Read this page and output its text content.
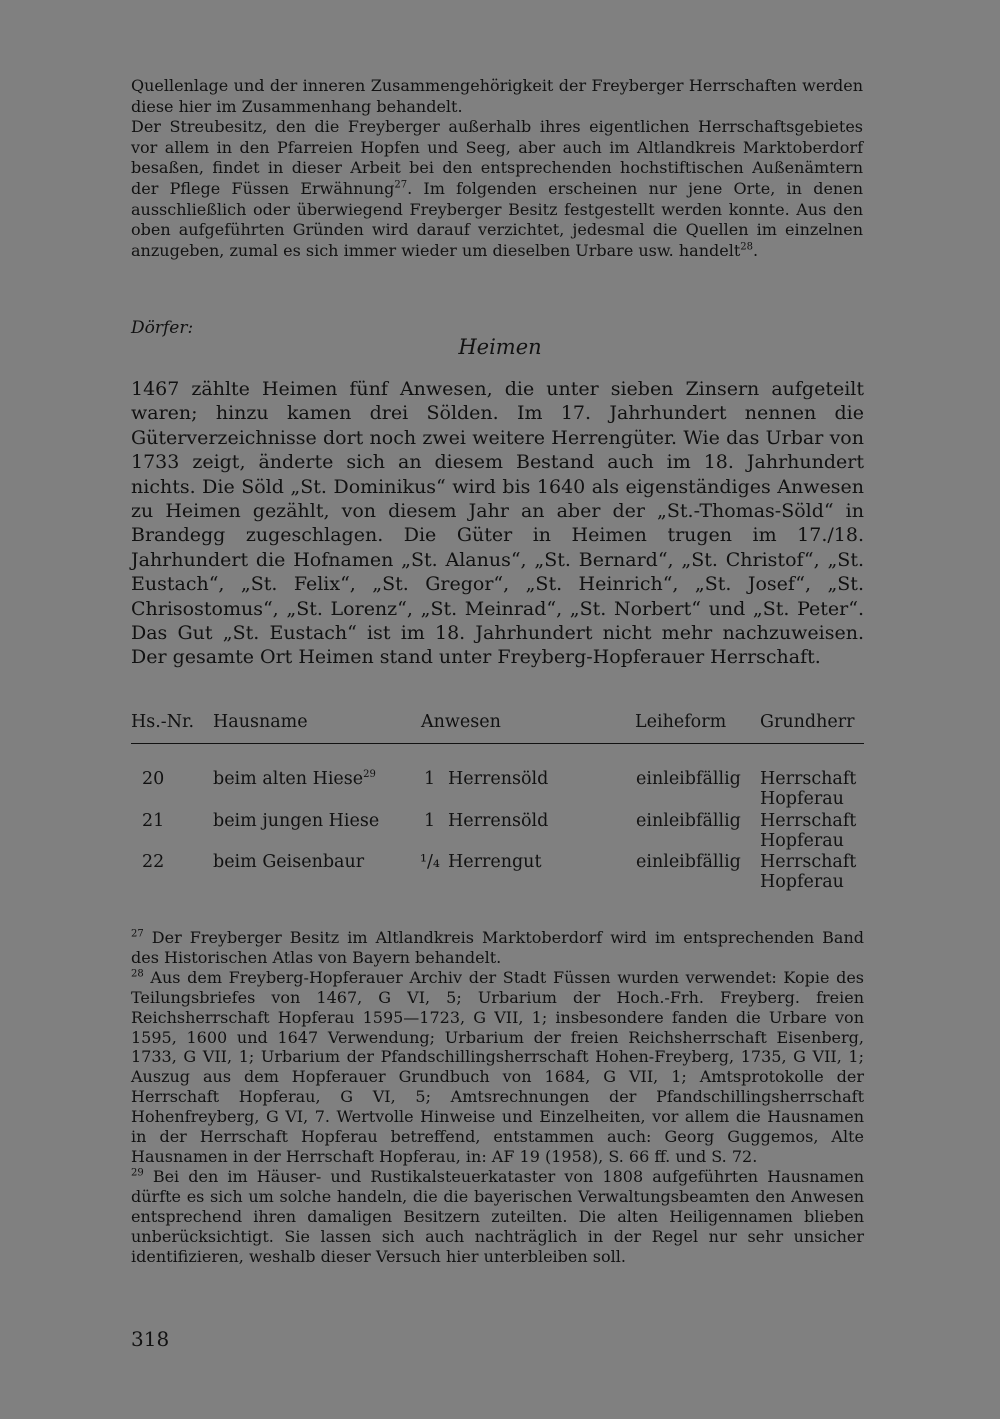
Quellenlage und der inneren Zusammengehörigkeit der Freyberger Herrschaften werden diese hier im Zusammenhang behandelt.

Der Streubesitz, den die Freyberger außerhalb ihres eigentlichen Herrschaftsgebietes vor allem in den Pfarreien Hopfen und Seeg, aber auch im Altlandkreis Marktoberdorf besaßen, findet in dieser Arbeit bei den entsprechenden hochstiftischen Außenämtern der Pflege Füssen Erwähnung$^{27}$. Im folgenden erscheinen nur jene Orte, in denen ausschließlich oder überwiegend Freyberger Besitz festgestellt werden konnte. Aus den oben aufgeführten Gründen wird darauf verzichtet, jedesmal die Quellen im einzelnen anzugeben, zumal es sich immer wieder um dieselben Urbare usw. handelt$^{28}$.

Dörfer:
Heimen

1467 zählte Heimen fünf Anwesen, die unter sieben Zinsern aufgeteilt waren; hinzu kamen drei Sölden. Im 17. Jahrhundert nennen die Güterverzeichnisse dort noch zwei weitere Herrengüter. Wie das Urbar von 1733 zeigt, änderte sich an diesem Bestand auch im 18. Jahrhundert nichts. Die Söld „St. Dominikus“ wird bis 1640 als eigenständiges Anwesen zu Heimen gezählt, von diesem Jahr an aber der „St.-Thomas-Söld“ in Brandegg zugeschlagen. Die Güter in Heimen trugen im 17./18. Jahrhundert die Hofnamen „St. Alanus“, „St. Bernard“, „St. Christof“, „St. Eustach“, „St. Felix“, „St. Gregor“, „St. Heinrich“, „St. Josef“, „St. Chrisostomus“, „St. Lorenz“, „St. Meinrad“, „St. Norbert“ und „St. Peter“. Das Gut „St. Eustach“ ist im 18. Jahrhundert nicht mehr nachzuweisen. Der gesamte Ort Heimen stand unter Freyberg-Hopferauer Herrschaft.

Hs.-Nr. Hausname	Anwesen	Leiheform Grundherr
20	beim alten Hiese$^{29}$	1 Herrensöld	einleibfällig Herrschaft
Hopferau
21	beim jungen Hiese	1 Herrensöld	einleibfällig Herrschaft
Hopferau
22	beim Geisenbaur	¹/₄ Herrengut	einleibfällig Herrschaft
Hopferau

$^{27}$ Der Freyberger Besitz im Altlandkreis Marktoberdorf wird im entsprechenden Band des Historischen Atlas von Bayern behandelt.

$^{28}$ Aus dem Freyberg-Hopferauer Archiv der Stadt Füssen wurden verwendet: Kopie des Teilungsbriefes von 1467, G VI, 5; Urbarium der Hoch.-Frh. Freyberg. freien Reichsherrschaft Hopferau 1595—1723, G VII, 1; insbesondere fanden die Urbare von 1595, 1600 und 1647 Verwendung; Urbarium der freien Reichsherrschaft Eisenberg, 1733, G VII, 1; Urbarium der Pfandschillingsherrschaft Hohen-Freyberg, 1735, G VII, 1; Auszug aus dem Hopferauer Grundbuch von 1684, G VII, 1; Amtsprotokolle der Herrschaft Hopferau, G VI, 5; Amtsrechnungen der Pfandschillingsherrschaft Hohenfreyberg, G VI, 7. Wertvolle Hinweise und Einzelheiten, vor allem die Hausnamen in der Herrschaft Hopferau betreffend, entstammen auch: Georg Guggemos, Alte Hausnamen in der Herrschaft Hopferau, in: AF 19 (1958), S. 66 ff. und S. 72.

$^{29}$ Bei den im Häuser- und Rustikalsteuerkataster von 1808 aufgeführten Hausnamen dürfte es sich um solche handeln, die die bayerischen Verwaltungsbeamten den Anwesen entsprechend ihren damaligen Besitzern zuteilten. Die alten Heiligennamen blieben unberücksichtigt. Sie lassen sich auch nachträglich in der Regel nur sehr unsicher identifizieren, weshalb dieser Versuch hier unterbleiben soll.

318
